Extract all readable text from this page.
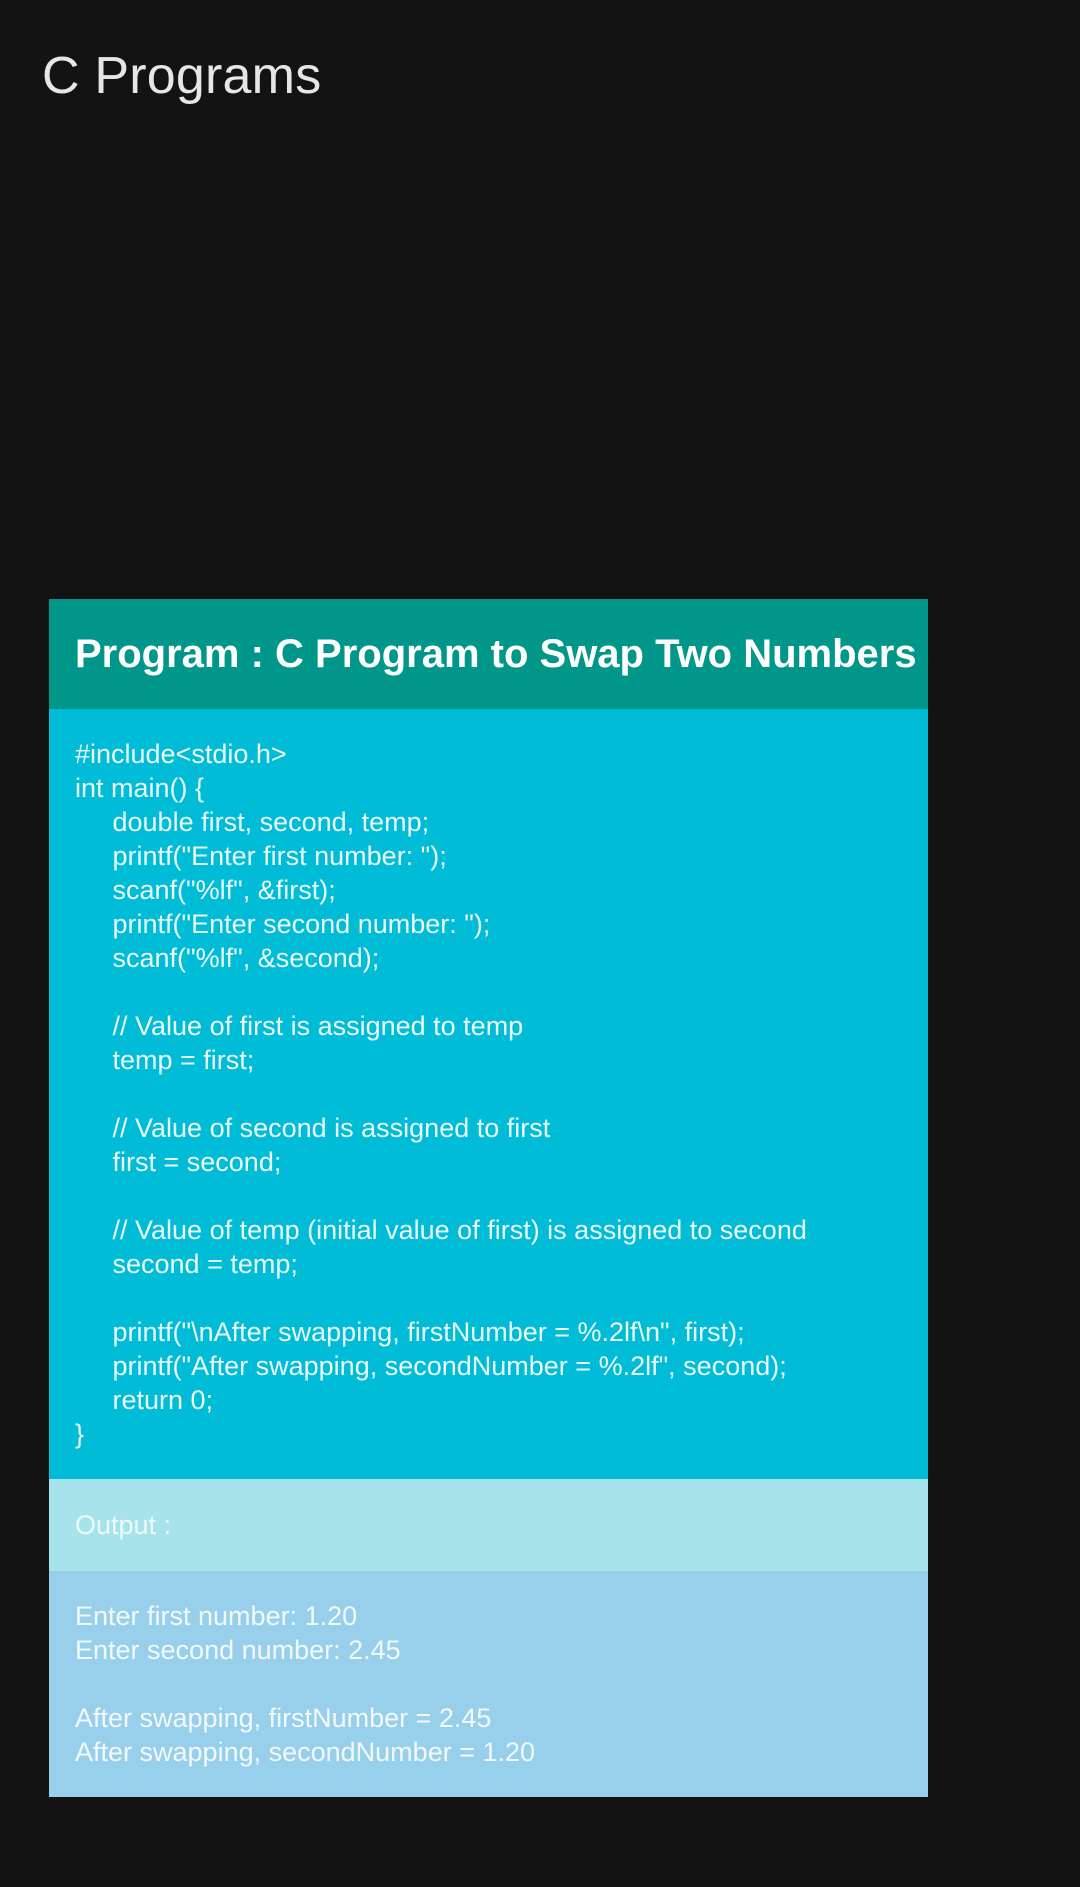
C Programs
Program : C Program to Swap Two Numbers
#include<stdio.h>
int main() {
double first, second, temp;
printf("Enter first number: ");
scanf("%lf", &first);
printf("Enter second number: ");
scanf("%lf", &second);

// Value of first is assigned to temp
temp = first;

// Value of second is assigned to first
first = second;

// Value of temp (initial value of first) is assigned to second
second = temp;

printf("\nAfter swapping, firstNumber = %.2lf\n", first);
printf("After swapping, secondNumber = %.2lf", second);
return 0;
}
Output :
Enter first number: 1.20
Enter second number: 2.45

After swapping, firstNumber = 2.45
After swapping, secondNumber = 1.20
